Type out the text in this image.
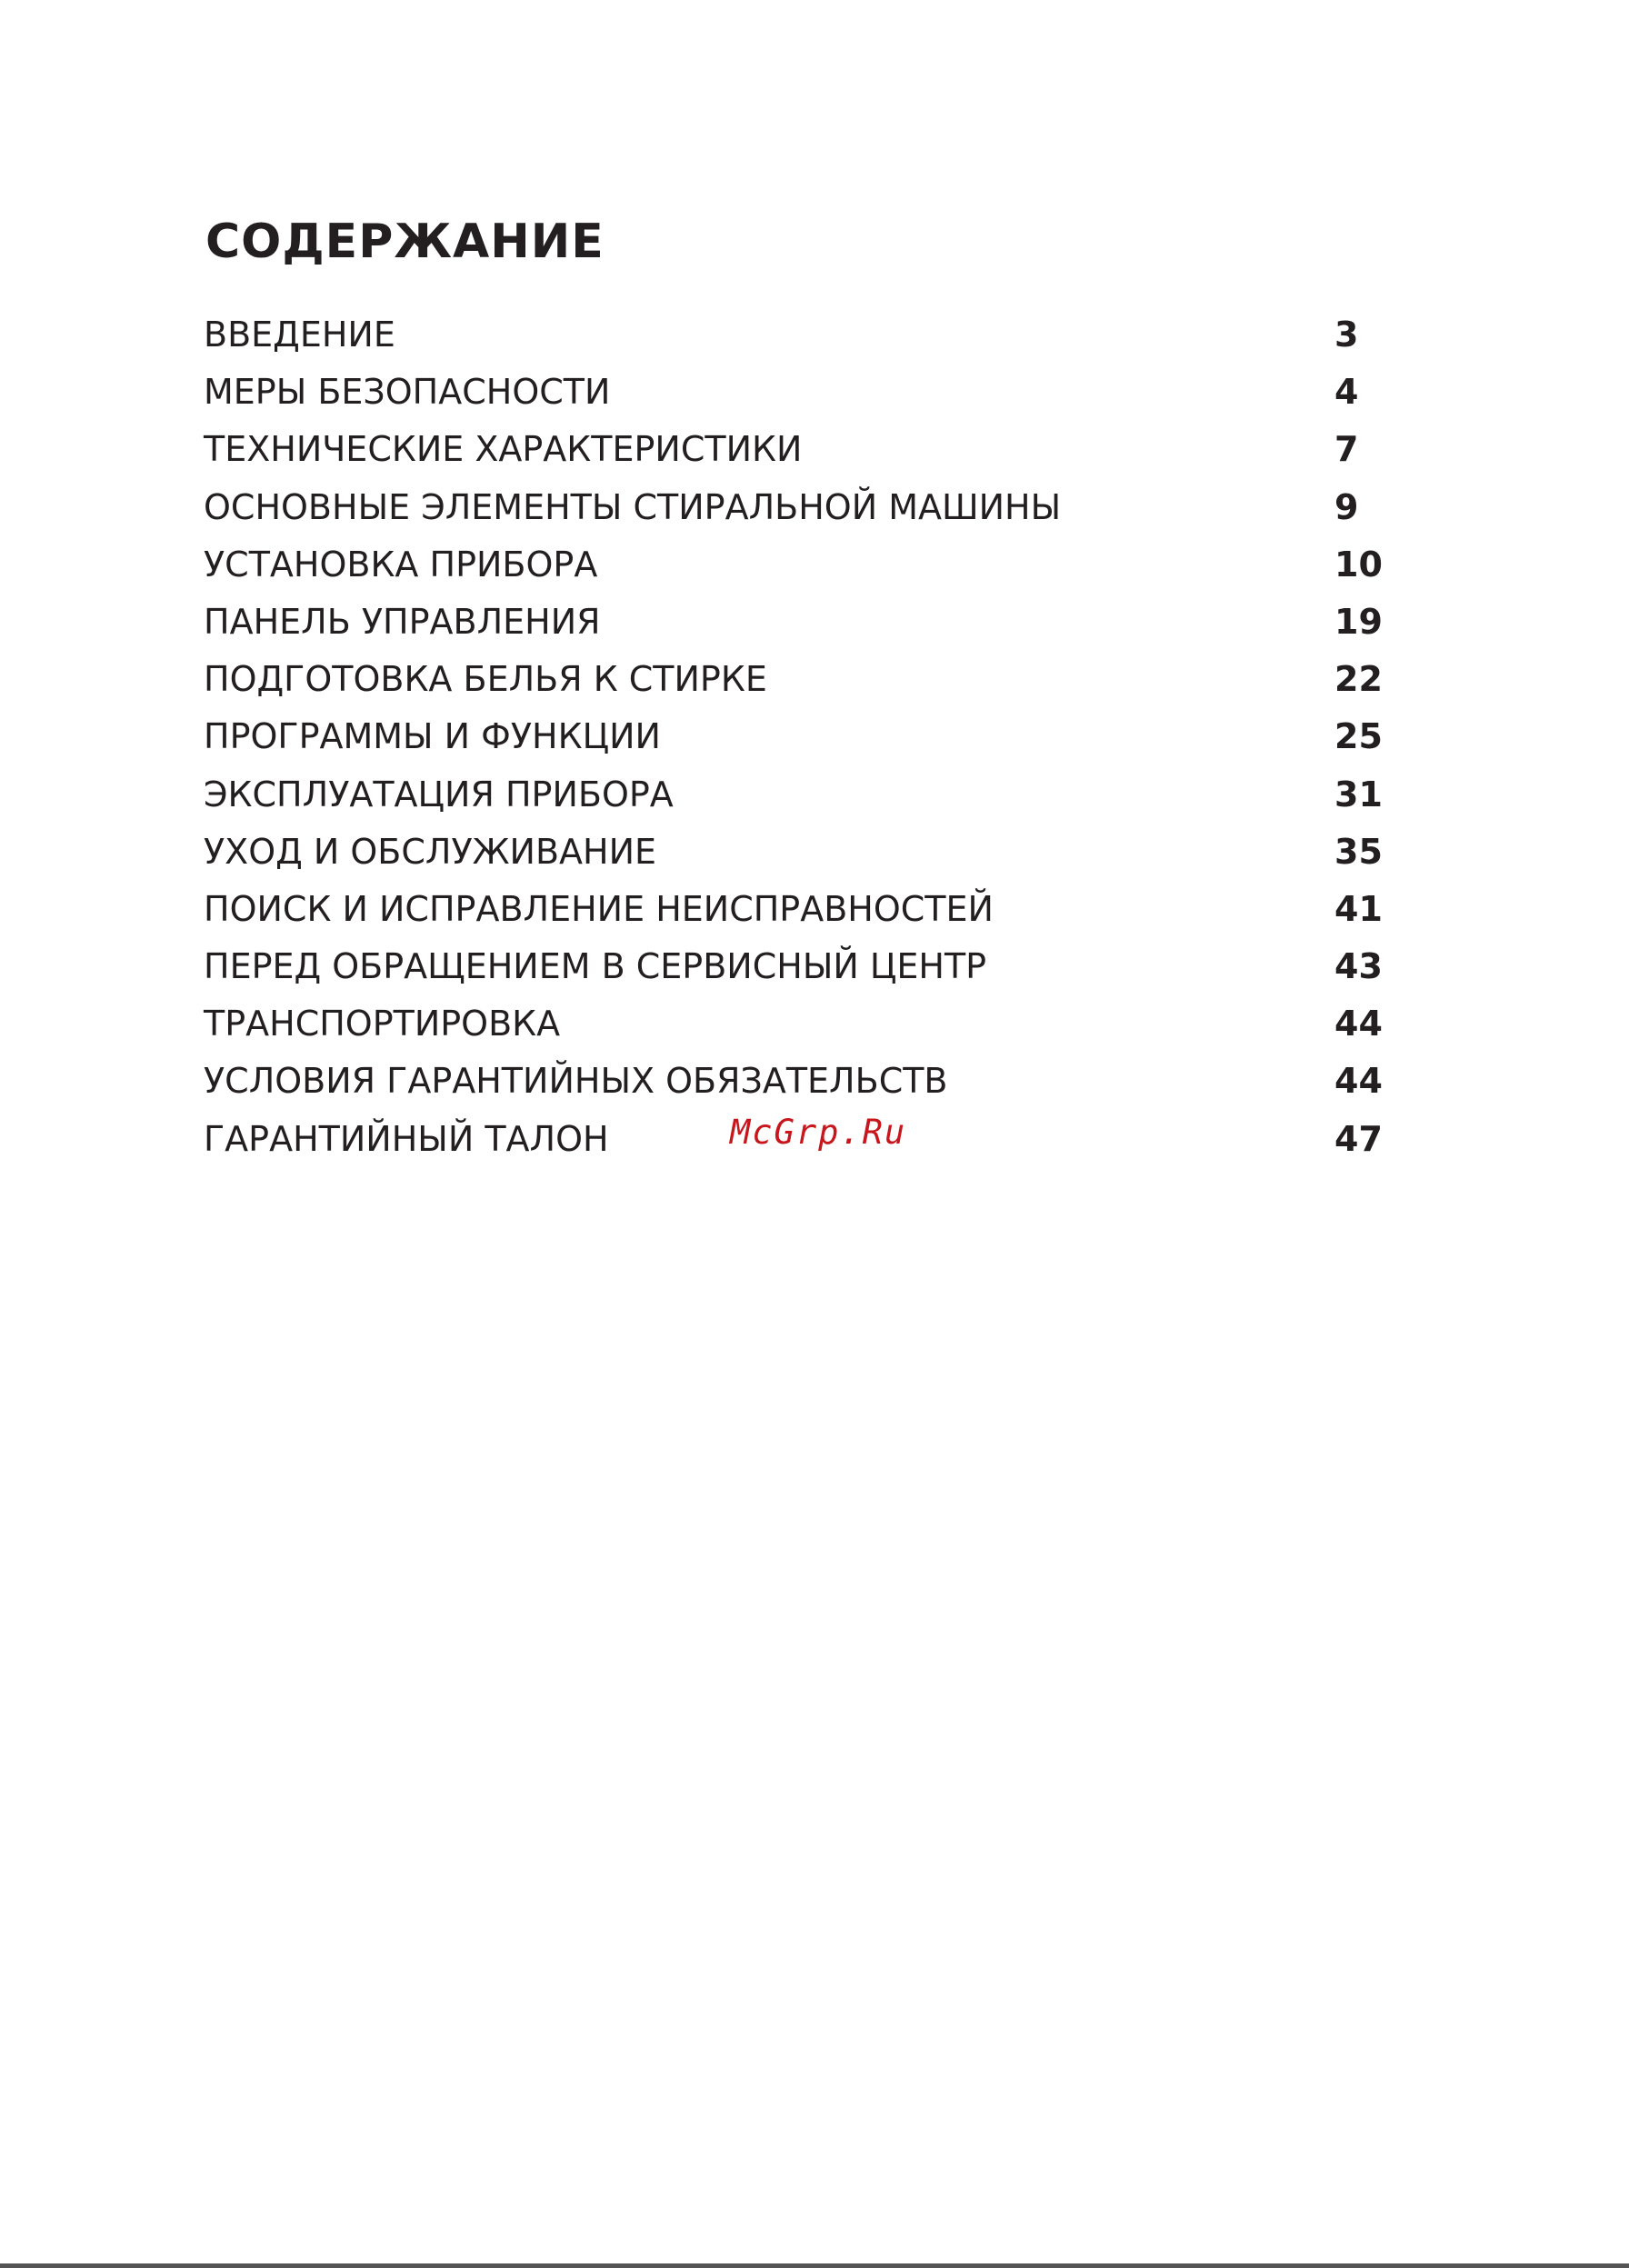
СОДЕРЖАНИЕ
ВВЕДЕНИЕ	3
МЕРЫ БЕЗОПАСНОСТИ	4
ТЕХНИЧЕСКИЕ ХАРАКТЕРИСТИКИ	7
ОСНОВНЫЕ ЭЛЕМЕНТЫ СТИРАЛЬНОЙ МАШИНЫ	9
УСТАНОВКА ПРИБОРА	10
ПАНЕЛЬ УПРАВЛЕНИЯ	19
ПОДГОТОВКА БЕЛЬЯ К СТИРКЕ	22
ПРОГРАММЫ И ФУНКЦИИ	25
ЭКСПЛУАТАЦИЯ ПРИБОРА	31
УХОД И ОБСЛУЖИВАНИЕ	35
ПОИСК И ИСПРАВЛЕНИЕ НЕИСПРАВНОСТЕЙ	41
ПЕРЕД ОБРАЩЕНИЕМ В СЕРВИСНЫЙ ЦЕНТР	43
ТРАНСПОРТИРОВКА	44
УСЛОВИЯ ГАРАНТИЙНЫХ ОБЯЗАТЕЛЬСТВ	44
ГАРАНТИЙНЫЙ ТАЛОН	47
McGrp.Ru
